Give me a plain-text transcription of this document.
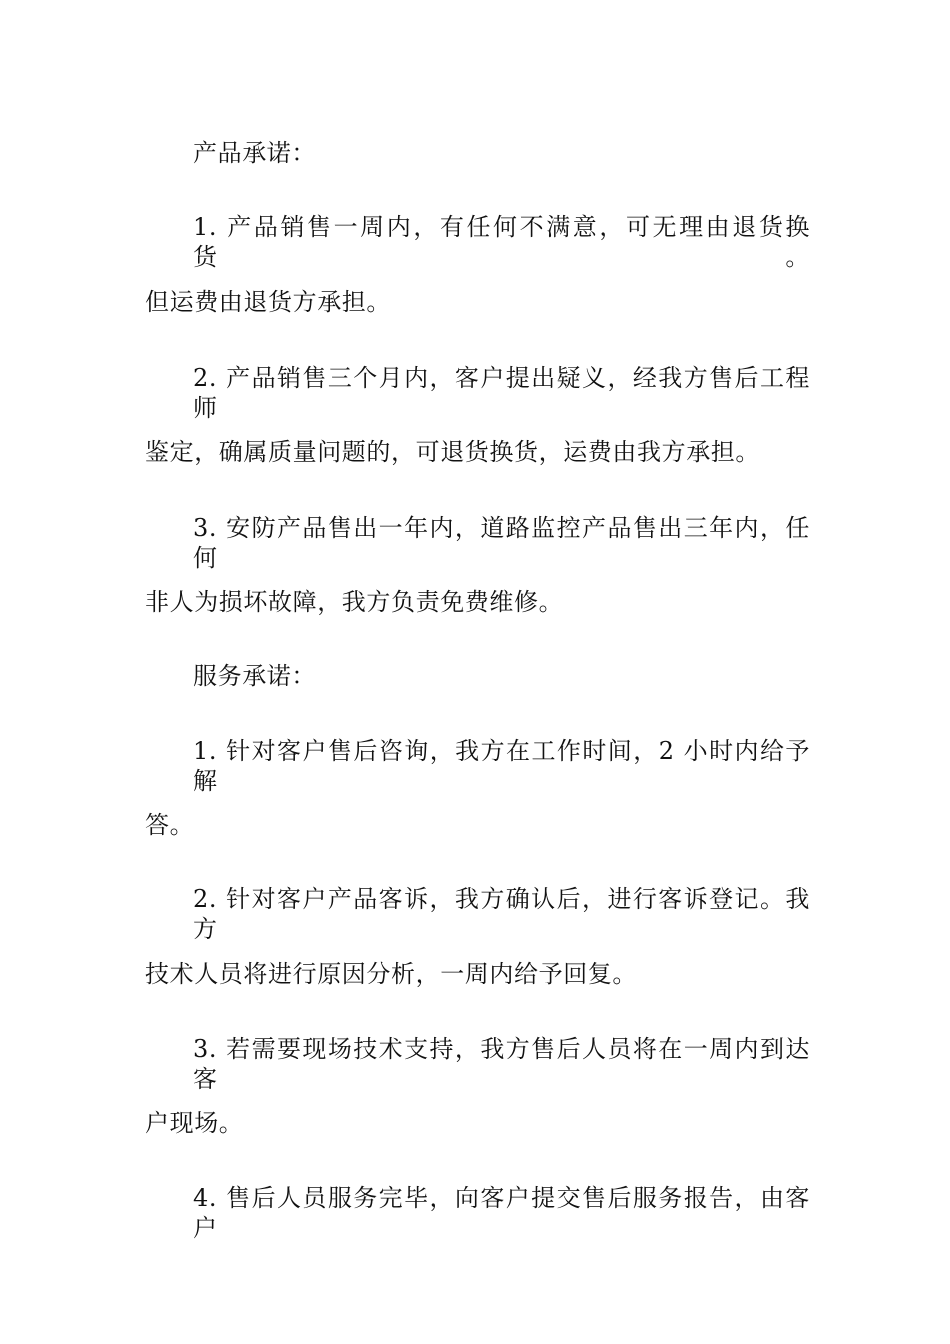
产品承诺：
1. 产品销售一周内，有任何不满意，可无理由退货换货。
但运费由退货方承担。
2. 产品销售三个月内，客户提出疑义，经我方售后工程师
鉴定，确属质量问题的，可退货换货，运费由我方承担。
3. 安防产品售出一年内，道路监控产品售出三年内，任何
非人为损坏故障，我方负责免费维修。
服务承诺：
1. 针对客户售后咨询，我方在工作时间，2 小时内给予解
答。
2. 针对客户产品客诉，我方确认后，进行客诉登记。我方
技术人员将进行原因分析，一周内给予回复。
3. 若需要现场技术支持，我方售后人员将在一周内到达客
户现场。
4. 售后人员服务完毕，向客户提交售后服务报告，由客户
